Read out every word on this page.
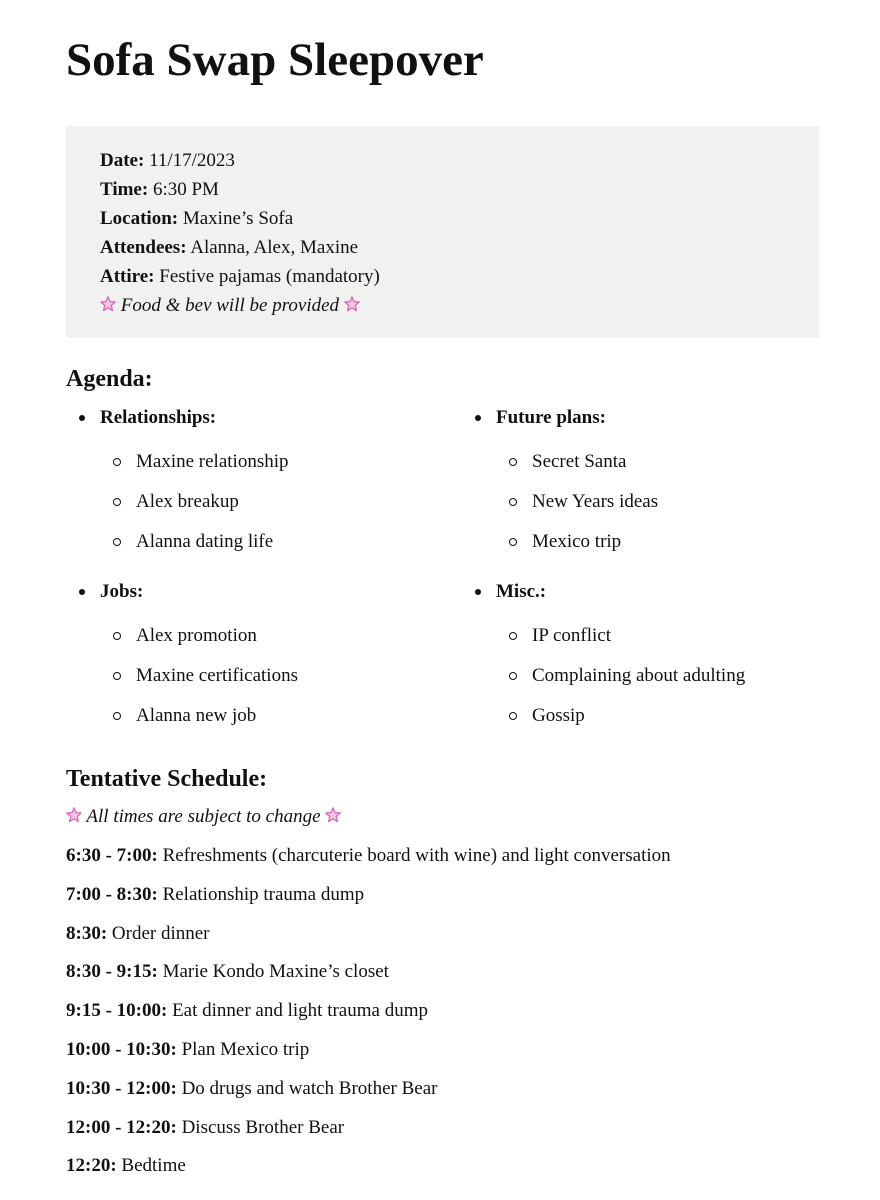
Sofa Swap Sleepover
Date: 11/17/2023
Time: 6:30 PM
Location: Maxine’s Sofa
Attendees: Alanna, Alex, Maxine
Attire: Festive pajamas (mandatory)
Food & bev will be provided
Agenda:
Relationships:
Maxine relationship
Alex breakup
Alanna dating life
Future plans:
Secret Santa
New Years ideas
Mexico trip
Jobs:
Alex promotion
Maxine certifications
Alanna new job
Misc.:
IP conflict
Complaining about adulting
Gossip
Tentative Schedule:
All times are subject to change
6:30 - 7:00: Refreshments (charcuterie board with wine) and light conversation
7:00 - 8:30: Relationship trauma dump
8:30: Order dinner
8:30 - 9:15: Marie Kondo Maxine’s closet
9:15 - 10:00: Eat dinner and light trauma dump
10:00 - 10:30: Plan Mexico trip
10:30 - 12:00: Do drugs and watch Brother Bear
12:00 - 12:20: Discuss Brother Bear
12:20: Bedtime
